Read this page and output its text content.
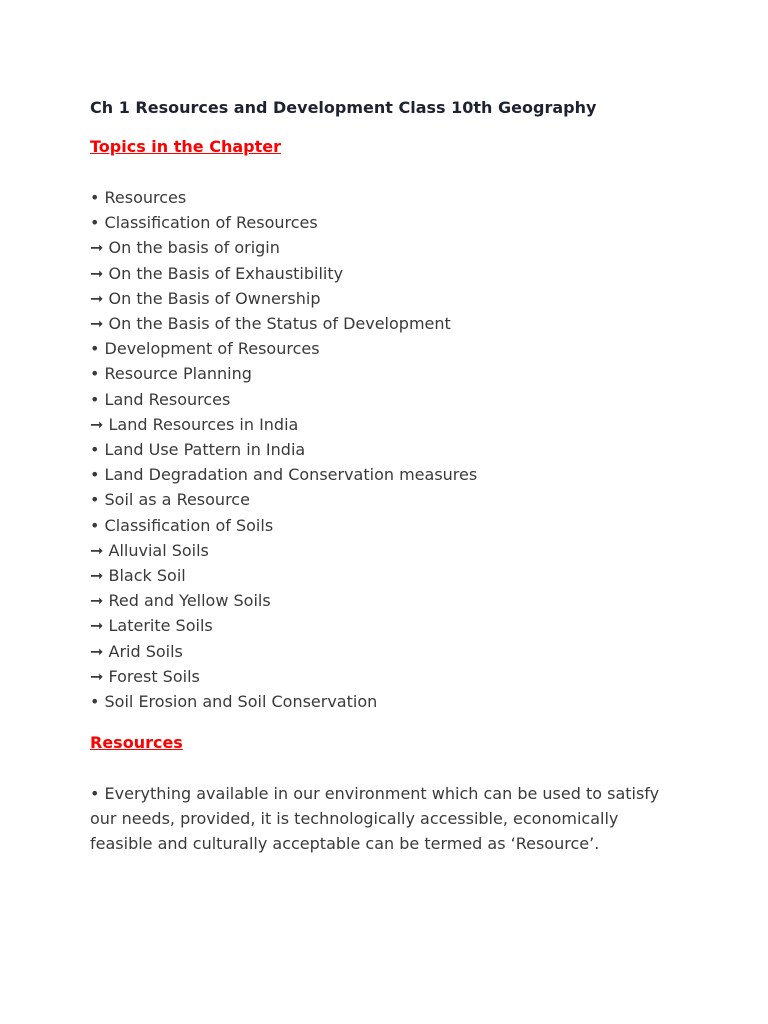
Ch 1 Resources and Development Class 10th Geography
Topics in the Chapter
• Resources
• Classification of Resources
➞ On the basis of origin
➞ On the Basis of Exhaustibility
➞ On the Basis of Ownership
➞ On the Basis of the Status of Development
• Development of Resources
• Resource Planning
• Land Resources
➞ Land Resources in India
• Land Use Pattern in India
• Land Degradation and Conservation measures
• Soil as a Resource
• Classification of Soils
➞ Alluvial Soils
➞ Black Soil
➞ Red and Yellow Soils
➞ Laterite Soils
➞ Arid Soils
➞ Forest Soils
• Soil Erosion and Soil Conservation
Resources

• Everything available in our environment which can be used to satisfy our needs, provided, it is technologically accessible, economically feasible and culturally acceptable can be termed as ‘Resource’.
